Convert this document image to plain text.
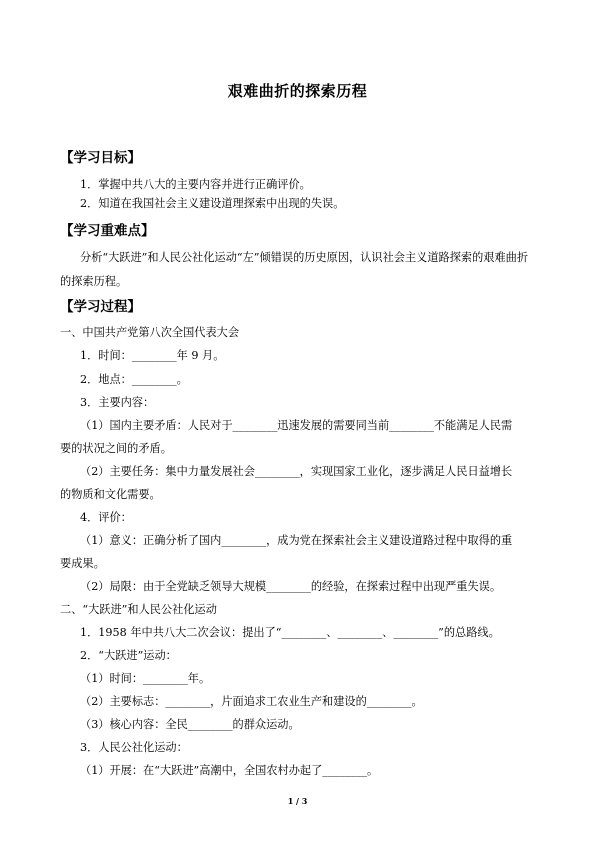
艰难曲折的探索历程
【学习目标】
1．掌握中共八大的主要内容并进行正确评价。
2．知道在我国社会主义建设道理探索中出现的失误。
【学习重难点】
分析“大跃进”和人民公社化运动“左”倾错误的历史原因，认识社会主义道路探索的艰难曲折的探索历程。
【学习过程】
一、中国共产党第八次全国代表大会
1．时间：________年 9 月。
2．地点：________。
3．主要内容：
（1）国内主要矛盾：人民对于________迅速发展的需要同当前________不能满足人民需
要的状况之间的矛盾。
（2）主要任务：集中力量发展社会________，实现国家工业化，逐步满足人民日益增长
的物质和文化需要。
4．评价：
（1）意义：正确分析了国内________，成为党在探索社会主义建设道路过程中取得的重
要成果。
（2）局限：由于全党缺乏领导大规模________的经验，在探索过程中出现严重失误。
二、“大跃进”和人民公社化运动
1．1958 年中共八大二次会议：提出了“________、________、________”的总路线。
2．“大跃进”运动：
（1）时间：________年。
（2）主要标志：________，片面追求工农业生产和建设的________。
（3）核心内容：全民________的群众运动。
3．人民公社化运动：
（1）开展：在“大跃进”高潮中，全国农村办起了________。
1 / 3
